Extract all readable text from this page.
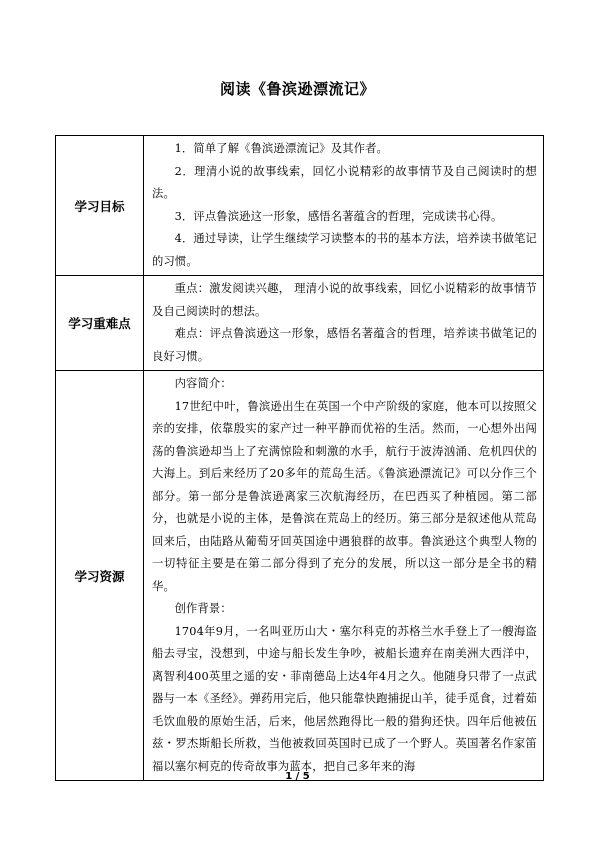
阅读《鲁滨逊漂流记》
学习目标	1．简单了解《鲁滨逊漂流记》及其作者。

2．理清小说的故事线索，回忆小说精彩的故事情节及自己阅读时的想法。

3．评点鲁滨逊这一形象，感悟名著蕴含的哲理，完成读书心得。

4．通过导读，让学生继续学习读整本的书的基本方法，培养读书做笔记的习惯。

学习重难点	重点：激发阅读兴趣， 理清小说的故事线索，回忆小说精彩的故事情节及自己阅读时的想法。

难点：评点鲁滨逊这一形象，感悟名著蕴含的哲理，培养读书做笔记的良好习惯。

学习资源	内容简介：

17世纪中叶，鲁滨逊出生在英国一个中产阶级的家庭，他本可以按照父亲的安排，依靠殷实的家产过一种平静而优裕的生活。然而，一心想外出闯荡的鲁滨逊却当上了充满惊险和刺激的水手，航行于波涛汹涌、危机四伏的大海上。到后来经历了20多年的荒岛生活。《鲁滨逊漂流记》可以分作三个部分。第一部分是鲁滨逊离家三次航海经历，在巴西买了种植园。第二部分，也就是小说的主体，是鲁滨在荒岛上的经历。第三部分是叙述他从荒岛回来后，由陆路从葡萄牙回英国途中遇狼群的故事。鲁滨逊这个典型人物的一切特征主要是在第二部分得到了充分的发展，所以这一部分是全书的精华。

创作背景：

1704年9月，一名叫亚历山大・塞尔科克的苏格兰水手登上了一艘海盗船去寻宝，没想到，中途与船长发生争吵，被船长遗弃在南美洲大西洋中，离智利400英里之遥的安・菲南德岛上达4年4月之久。他随身只带了一点武器与一本《圣经》。弹药用完后，他只能靠快跑捕捉山羊，徒手觅食，过着茹毛饮血般的原始生活，后来，他居然跑得比一般的猎狗还快。四年后他被伍兹・罗杰斯船长所救，当他被救回英国时已成了一个野人。英国著名作家笛福以塞尔柯克的传奇故事为蓝本，把自己多年来的海

1 / 5
